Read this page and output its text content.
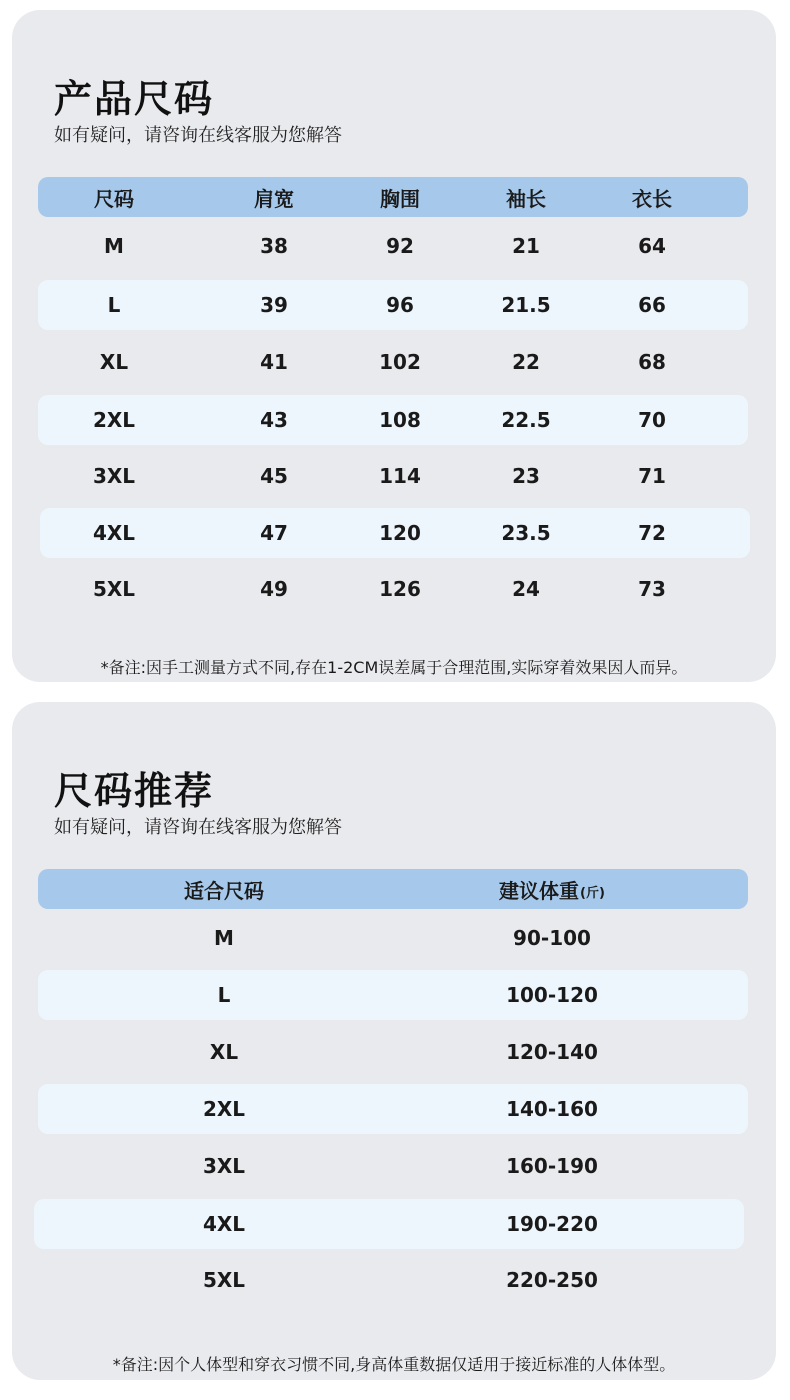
产品尺码

如有疑问，请咨询在线客服为您解答

尺码	肩宽	胸围	袖长	衣长
M	38	92	21	64
L	39	96	21.5	66
XL	41	102	22	68
2XL	43	108	22.5	70
3XL	45	114	23	71
4XL	47	120	23.5	72
5XL	49	126	24	73

*备注:因手工测量方式不同,存在1-2CM误差属于合理范围,实际穿着效果因人而异。

尺码推荐

如有疑问，请咨询在线客服为您解答

适合尺码	建议体重 (斤)
M	90-100
L	100-120
XL	120-140
2XL	140-160
3XL	160-190
4XL	190-220
5XL	220-250

*备注:因个人体型和穿衣习惯不同,身高体重数据仅适用于接近标准的人体体型。
